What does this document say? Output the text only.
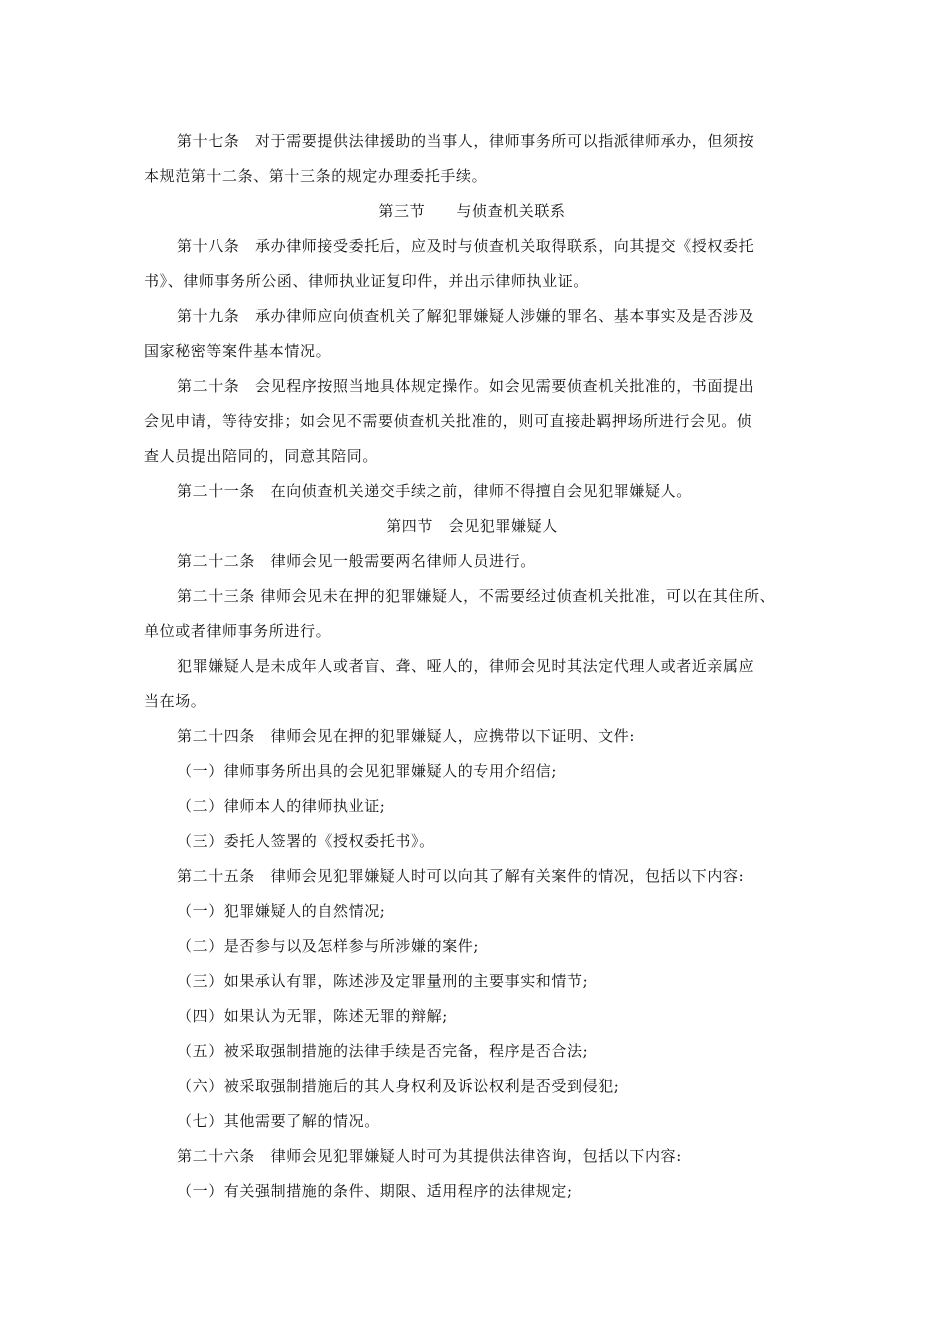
第十七条　对于需要提供法律援助的当事人，律师事务所可以指派律师承办，但须按
本规范第十二条、第十三条的规定办理委托手续。
第三节　　与侦查机关联系
第十八条　承办律师接受委托后，应及时与侦查机关取得联系，向其提交《授权委托
书》、律师事务所公函、律师执业证复印件，并出示律师执业证。
第十九条　承办律师应向侦查机关了解犯罪嫌疑人涉嫌的罪名、基本事实及是否涉及
国家秘密等案件基本情况。
第二十条　会见程序按照当地具体规定操作。如会见需要侦查机关批准的，书面提出
会见申请，等待安排；如会见不需要侦查机关批准的，则可直接赴羁押场所进行会见。侦
查人员提出陪同的，同意其陪同。
第二十一条　在向侦查机关递交手续之前，律师不得擅自会见犯罪嫌疑人。
第四节　会见犯罪嫌疑人
第二十二条　律师会见一般需要两名律师人员进行。
第二十三条 律师会见未在押的犯罪嫌疑人，不需要经过侦查机关批准，可以在其住所、
单位或者律师事务所进行。
犯罪嫌疑人是未成年人或者盲、聋、哑人的，律师会见时其法定代理人或者近亲属应
当在场。
第二十四条　律师会见在押的犯罪嫌疑人，应携带以下证明、文件:
（一）律师事务所出具的会见犯罪嫌疑人的专用介绍信;
（二）律师本人的律师执业证;
（三）委托人签署的《授权委托书》。
第二十五条　律师会见犯罪嫌疑人时可以向其了解有关案件的情况，包括以下内容:
（一）犯罪嫌疑人的自然情况;
（二）是否参与以及怎样参与所涉嫌的案件;
（三）如果承认有罪，陈述涉及定罪量刑的主要事实和情节;
（四）如果认为无罪，陈述无罪的辩解;
（五）被采取强制措施的法律手续是否完备，程序是否合法;
（六）被采取强制措施后的其人身权利及诉讼权利是否受到侵犯;
（七）其他需要了解的情况。
第二十六条　律师会见犯罪嫌疑人时可为其提供法律咨询，包括以下内容:
（一）有关强制措施的条件、期限、适用程序的法律规定;
